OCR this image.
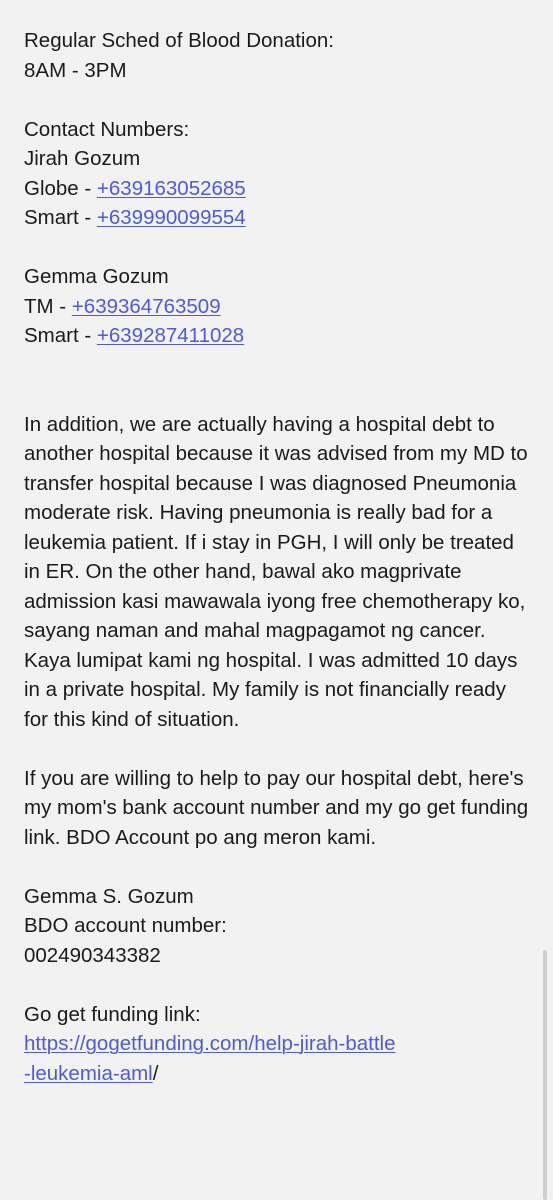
Regular Sched of Blood Donation:
8AM - 3PM
Contact Numbers:
Jirah Gozum
Globe - +639163052685
Smart - +639990099554
Gemma Gozum
TM - +639364763509
Smart - +639287411028
In addition, we are actually having a hospital debt to another hospital because it was advised from my MD to transfer hospital because I was diagnosed Pneumonia moderate risk. Having pneumonia is really bad for a leukemia patient. If i stay in PGH, I will only be treated in ER. On the other hand, bawal ako magprivate admission kasi mawawala iyong free chemotherapy ko, sayang naman and mahal magpagamot ng cancer. Kaya lumipat kami ng hospital. I was admitted 10 days in a private hospital. My family is not financially ready for this kind of situation.
If you are willing to help to pay our hospital debt, here's my mom's bank account number and my go get funding link. BDO Account po ang meron kami.
Gemma S. Gozum
BDO account number:
002490343382
Go get funding link:
https://gogetfunding.com/help-jirah-battle
-leukemia-aml/
